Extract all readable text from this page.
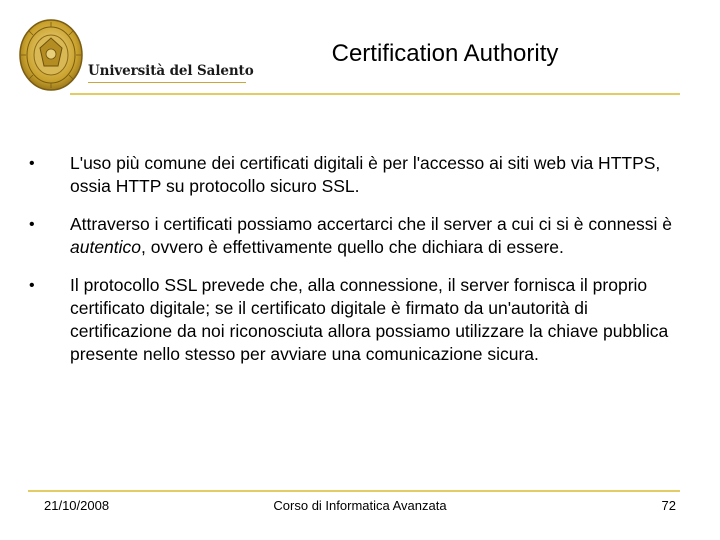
Università del Salento
Certification Authority
• L'uso più comune dei certificati digitali è per l'accesso ai siti web via HTTPS, ossia HTTP su protocollo sicuro SSL.
• Attraverso i certificati possiamo accertarci che il server a cui ci si è connessi è autentico, ovvero è effettivamente quello che dichiara di essere.
• Il protocollo SSL prevede che, alla connessione, il server fornisca il proprio certificato digitale; se il certificato digitale è firmato da un'autorità di certificazione da noi riconosciuta allora possiamo utilizzare la chiave pubblica presente nello stesso per avviare una comunicazione sicura.
21/10/2008	Corso di Informatica Avanzata	72
